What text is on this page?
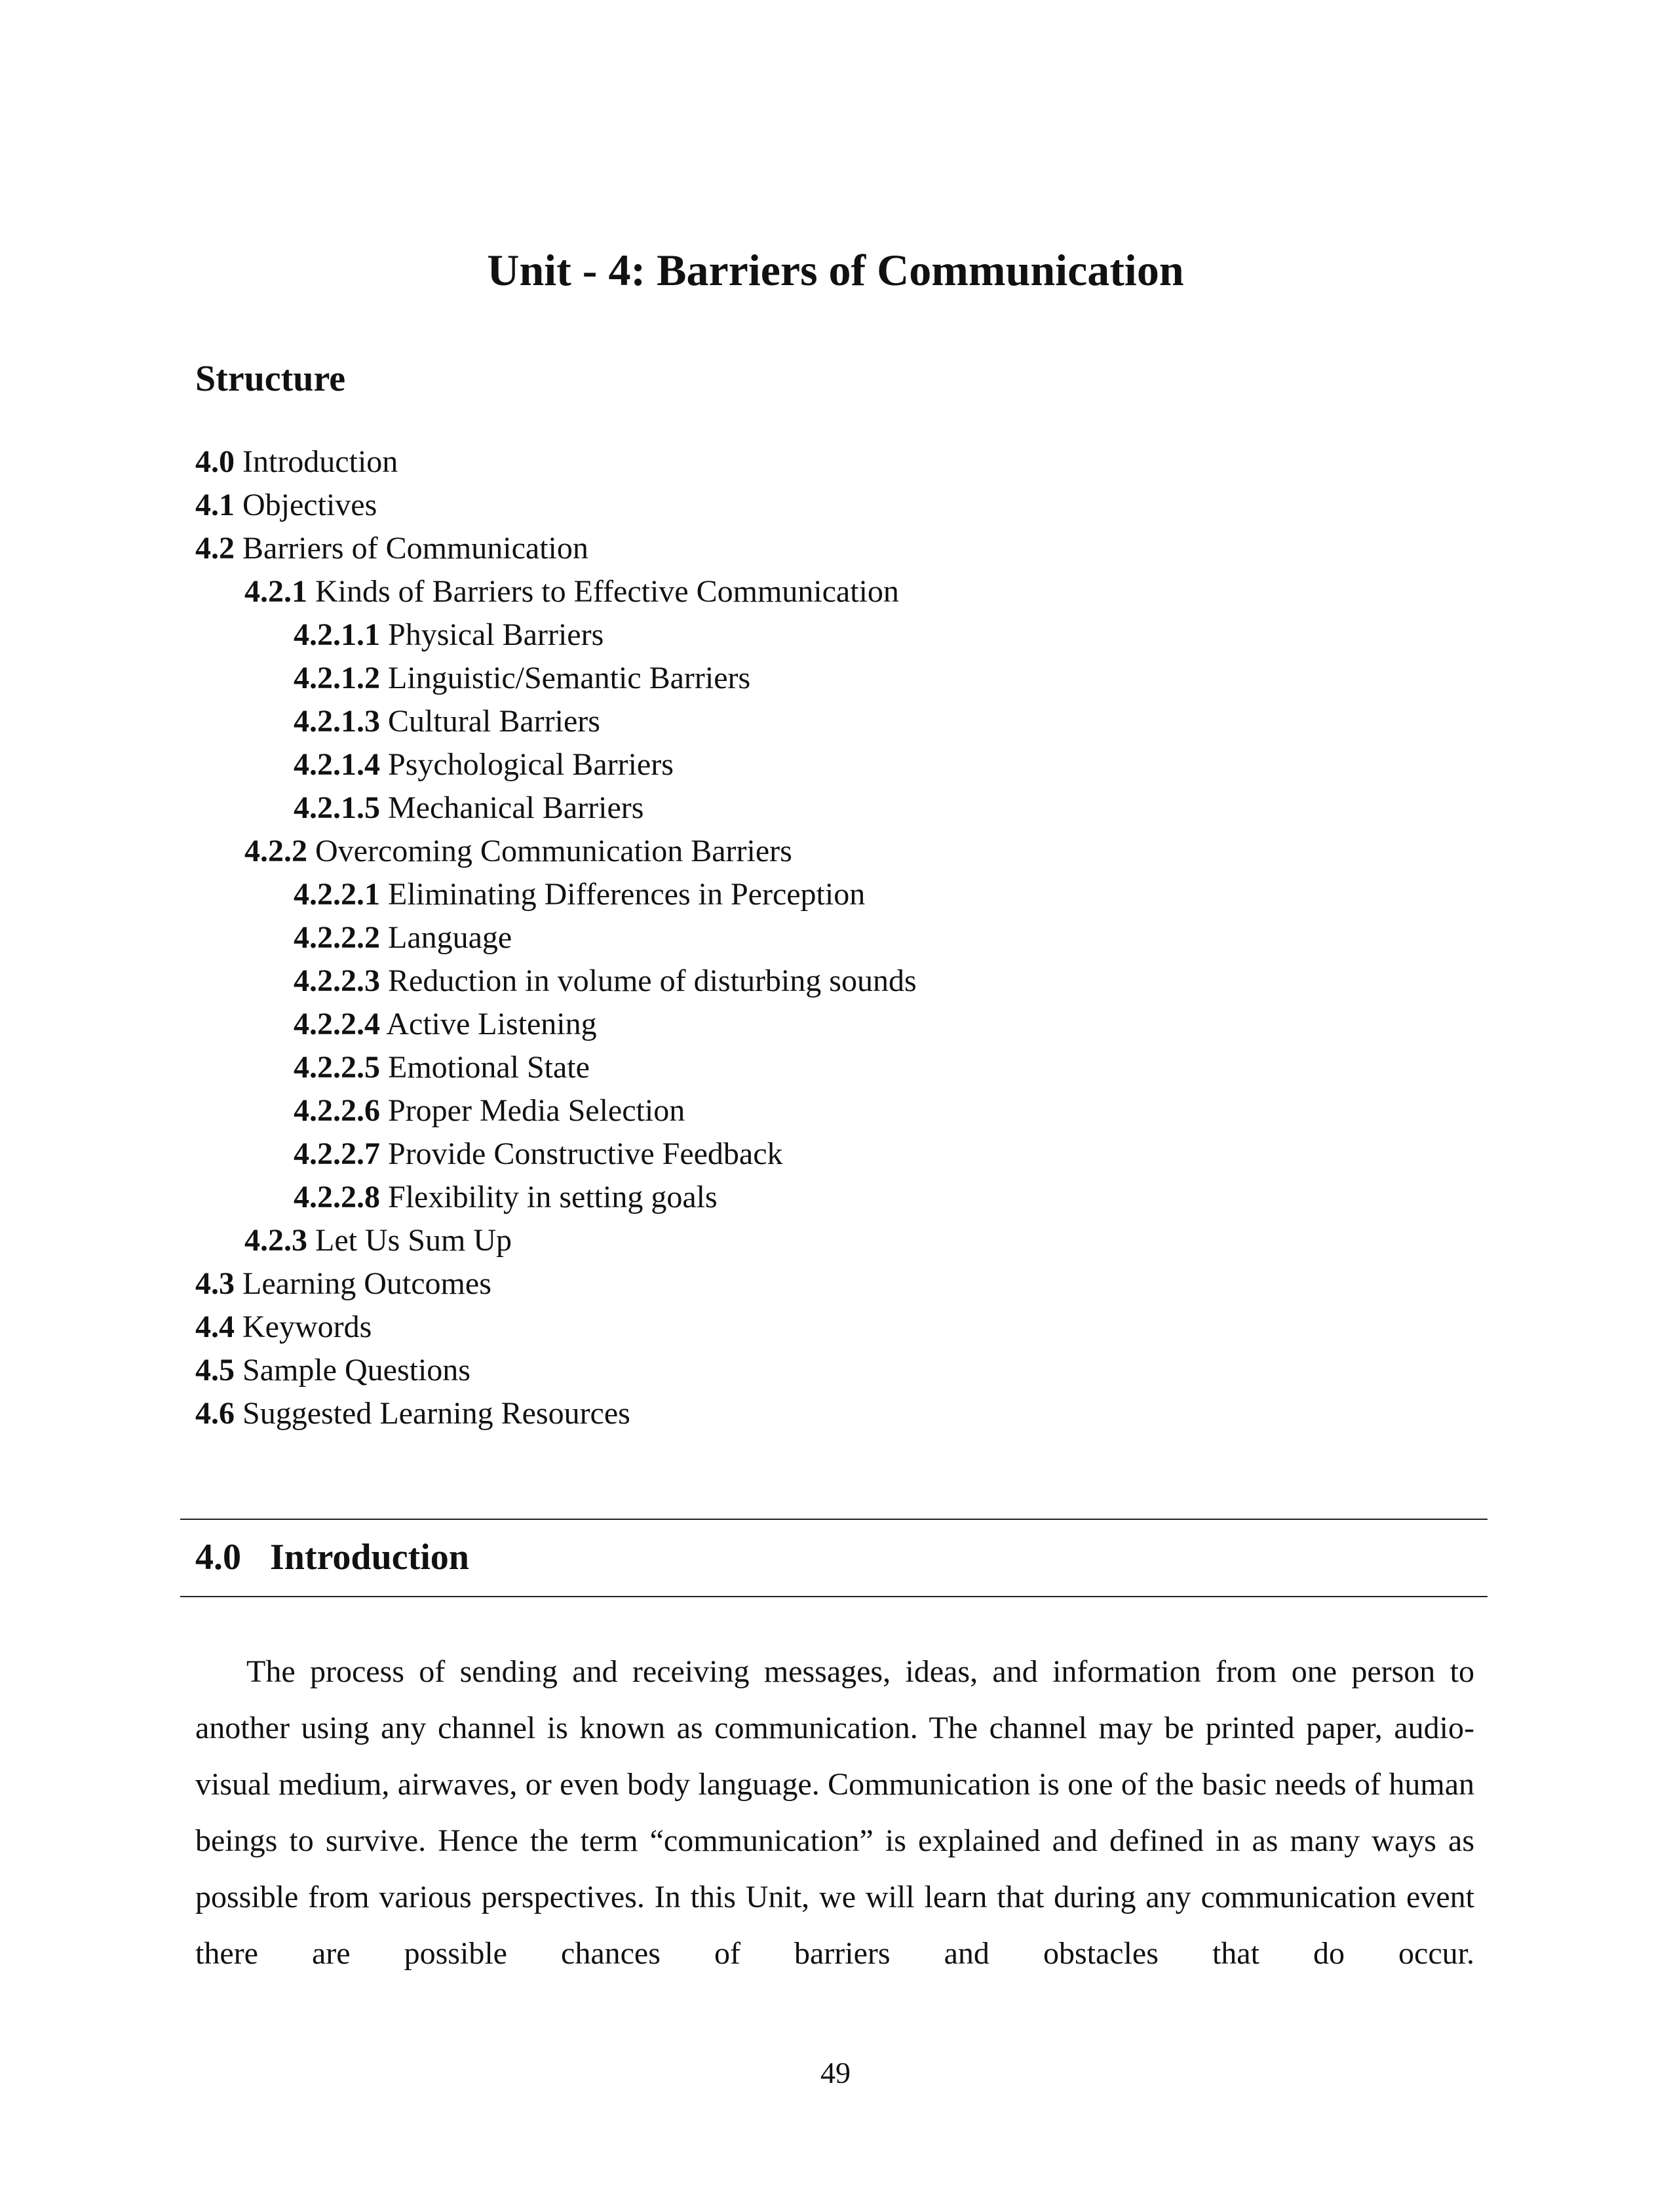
Unit - 4: Barriers of Communication
Structure
4.0 Introduction
4.1 Objectives
4.2 Barriers of Communication
4.2.1 Kinds of Barriers to Effective Communication
4.2.1.1 Physical Barriers
4.2.1.2 Linguistic/Semantic Barriers
4.2.1.3 Cultural Barriers
4.2.1.4 Psychological Barriers
4.2.1.5 Mechanical Barriers
4.2.2 Overcoming Communication Barriers
4.2.2.1 Eliminating Differences in Perception
4.2.2.2 Language
4.2.2.3 Reduction in volume of disturbing sounds
4.2.2.4 Active Listening
4.2.2.5 Emotional State
4.2.2.6 Proper Media Selection
4.2.2.7 Provide Constructive Feedback
4.2.2.8 Flexibility in setting goals
4.2.3 Let Us Sum Up
4.3 Learning Outcomes
4.4 Keywords
4.5 Sample Questions
4.6 Suggested Learning Resources
4.0 Introduction

The process of sending and receiving messages, ideas, and information from one person to another using any channel is known as communication. The channel may be printed paper, audio-visual medium, airwaves, or even body language. Communication is one of the basic needs of human beings to survive. Hence the term “communication” is explained and defined in as many ways as possible from various perspectives. In this Unit, we will learn that during any communication event there are possible chances of barriers and obstacles that do occur.

49
